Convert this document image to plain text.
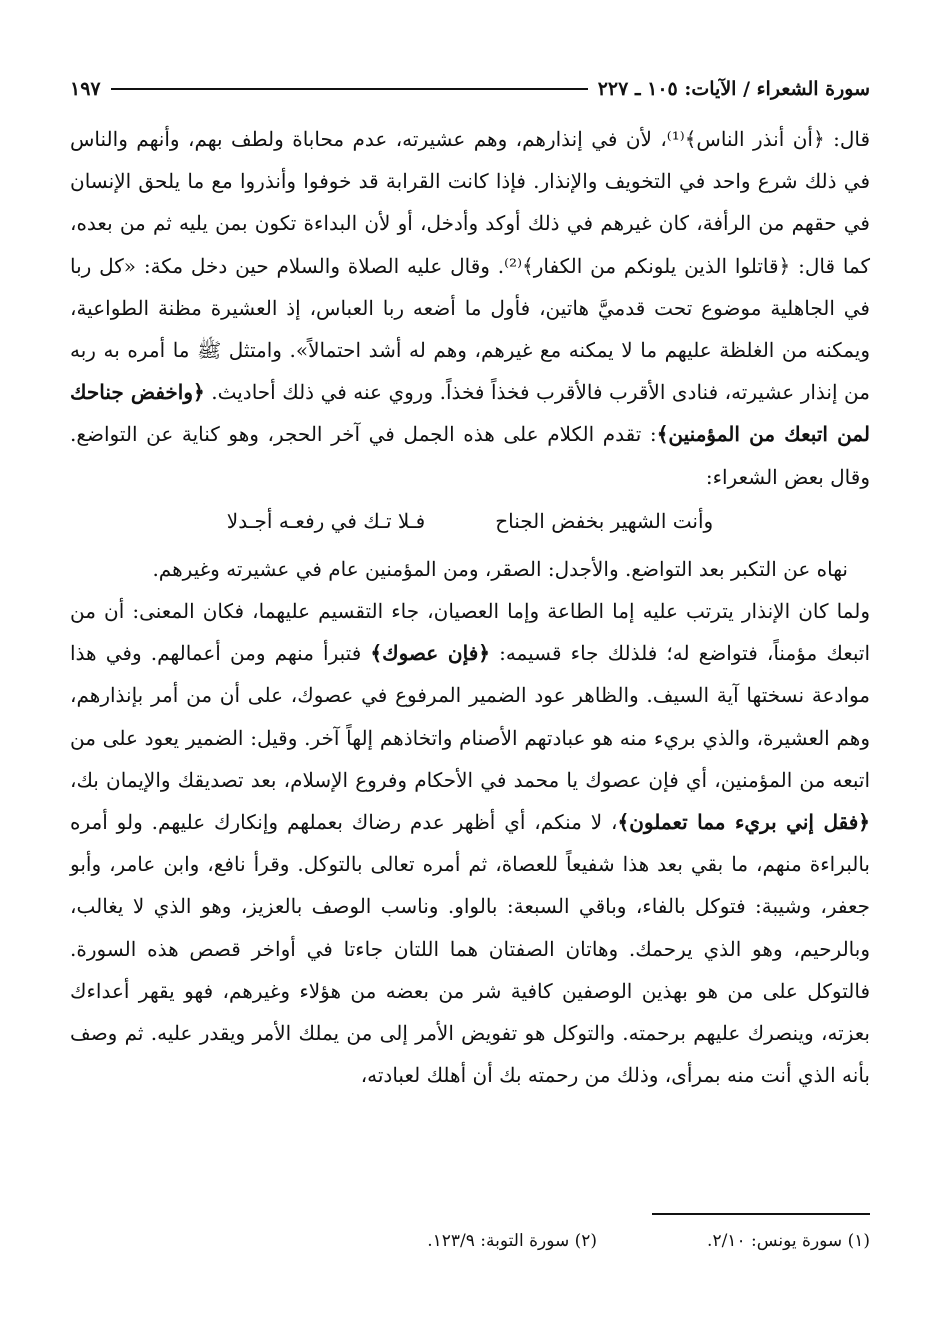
سورة الشعراء / الآيات: ١٠٥ ـ ٢٢٧
١٩٧

قال: ﴿أن أنذر الناس﴾⁽¹⁾، لأن في إنذارهم، وهم عشيرته، عدم محاباة ولطف بهم، وأنهم والناس في ذلك شرع واحد في التخويف والإنذار. فإذا كانت القرابة قد خوفوا وأنذروا مع ما يلحق الإنسان في حقهم من الرأفة، كان غيرهم في ذلك أوكد وأدخل، أو لأن البداءة تكون بمن يليه ثم من بعده، كما قال: ﴿قاتلوا الذين يلونكم من الكفار﴾⁽²⁾. وقال عليه الصلاة والسلام حين دخل مكة: «كل ربا في الجاهلية موضوع تحت قدميَّ هاتين، فأول ما أضعه ربا العباس، إذ العشيرة مظنة الطواعية، ويمكنه من الغلظة عليهم ما لا يمكنه مع غيرهم، وهم له أشد احتمالاً». وامتثل ﷺ ما أمره به ربه من إنذار عشيرته، فنادى الأقرب فالأقرب فخذاً فخذاً. وروي عنه في ذلك أحاديث. ﴿واخفض جناحك لمن اتبعك من المؤمنين﴾: تقدم الكلام على هذه الجمل في آخر الحجر، وهو كناية عن التواضع. وقال بعض الشعراء:

وأنت الشهير بخفض الجناح
فـلا تـك في رفعـه أجـدلا

نهاه عن التكبر بعد التواضع. والأجدل: الصقر، ومن المؤمنين عام في عشيرته وغيرهم.

ولما كان الإنذار يترتب عليه إما الطاعة وإما العصيان، جاء التقسيم عليهما، فكان المعنى: أن من اتبعك مؤمناً، فتواضع له؛ فلذلك جاء قسيمه: ﴿فإن عصوك﴾ فتبرأ منهم ومن أعمالهم. وفي هذا موادعة نسختها آية السيف. والظاهر عود الضمير المرفوع في عصوك، على أن من أمر بإنذارهم، وهم العشيرة، والذي بريء منه هو عبادتهم الأصنام واتخاذهم إلهاً آخر. وقيل: الضمير يعود على من اتبعه من المؤمنين، أي فإن عصوك يا محمد في الأحكام وفروع الإسلام، بعد تصديقك والإيمان بك، ﴿فقل إني بريء مما تعملون﴾، لا منكم، أي أظهر عدم رضاك بعملهم وإنكارك عليهم. ولو أمره بالبراءة منهم، ما بقي بعد هذا شفيعاً للعصاة، ثم أمره تعالى بالتوكل. وقرأ نافع، وابن عامر، وأبو جعفر، وشيبة: فتوكل بالفاء، وباقي السبعة: بالواو. وناسب الوصف بالعزيز، وهو الذي لا يغالب، وبالرحيم، وهو الذي يرحمك. وهاتان الصفتان هما اللتان جاءتا في أواخر قصص هذه السورة. فالتوكل على من هو بهذين الوصفين كافية شر من بعضه من هؤلاء وغيرهم، فهو يقهر أعداءك بعزته، وينصرك عليهم برحمته. والتوكل هو تفويض الأمر إلى من يملك الأمر ويقدر عليه. ثم وصف بأنه الذي أنت منه بمرأى، وذلك من رحمته بك أن أهلك لعبادته،

(١) سورة يونس: ٢/١٠.
(٢) سورة التوبة: ١٢٣/٩.
